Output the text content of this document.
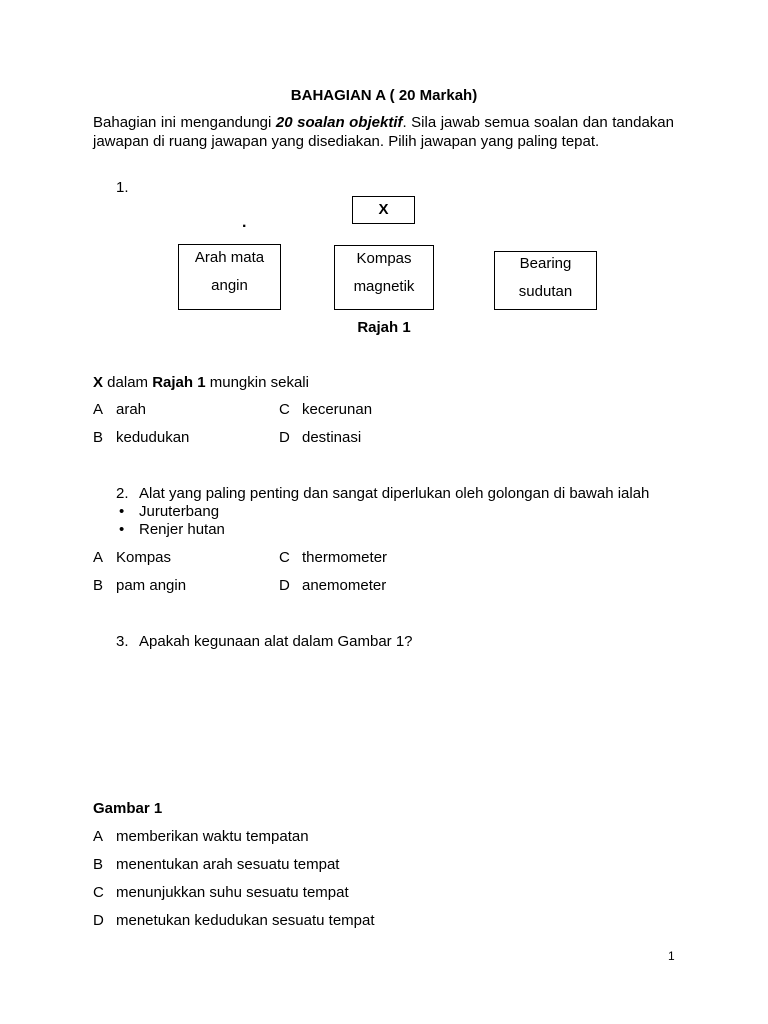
BAHAGIAN A ( 20 Markah)
Bahagian ini mengandungi 20 soalan objektif. Sila jawab semua soalan dan tandakan jawapan di ruang jawapan yang disediakan. Pilih jawapan yang paling tepat.
1.
X
.
Arah mata
angin
Kompas
magnetik
Bearing
sudutan
Rajah 1
X dalam Rajah 1 mungkin sekali
A arah	C kecerunan
B kedudukan	D destinasi
2. Alat yang paling penting dan sangat diperlukan oleh golongan di bawah ialah
• Juruterbang
• Renjer hutan
A Kompas	C thermometer
B pam angin	D anemometer
3. Apakah kegunaan alat dalam Gambar 1?
Gambar 1
A memberikan waktu tempatan
B menentukan arah sesuatu tempat
C menunjukkan suhu sesuatu tempat
D menetukan kedudukan sesuatu tempat
1
